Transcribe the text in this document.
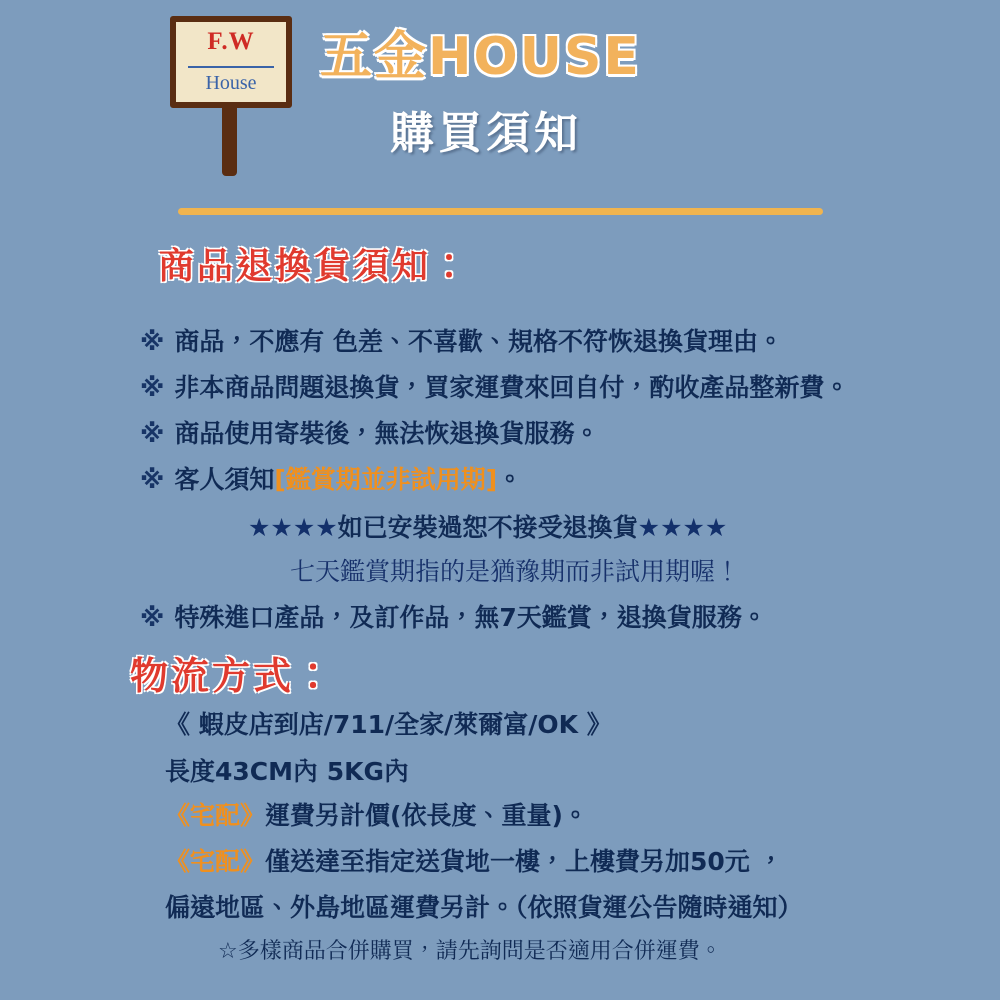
F.W
House	五金HOUSE
購買須知
商品退換貨須知：
※ 商品，不應有 色差、不喜歡、規格不符恢退換貨理由。
※ 非本商品問題退換貨，買家運費來回自付，酌收產品整新費。
※ 商品使用寄裝後，無法恢退換貨服務。
※ 客人須知[鑑賞期並非試用期]。
★★★★如已安裝過恕不接受退換貨★★★★
七天鑑賞期指的是猶豫期而非試用期喔！
※ 特殊進口產品，及訂作品，無7天鑑賞，退換貨服務。
物流方式：
《 蝦皮店到店/711/全家/萊爾富/OK 》
長度43CM內 5KG內
《宅配》運費另計價(依長度、重量)。
《宅配》僅送達至指定送貨地一樓，上樓費另加50元 ，
偏遠地區、外島地區運費另計。（依照貨運公告隨時通知）
☆多樣商品合併購買，請先詢問是否適用合併運費。
